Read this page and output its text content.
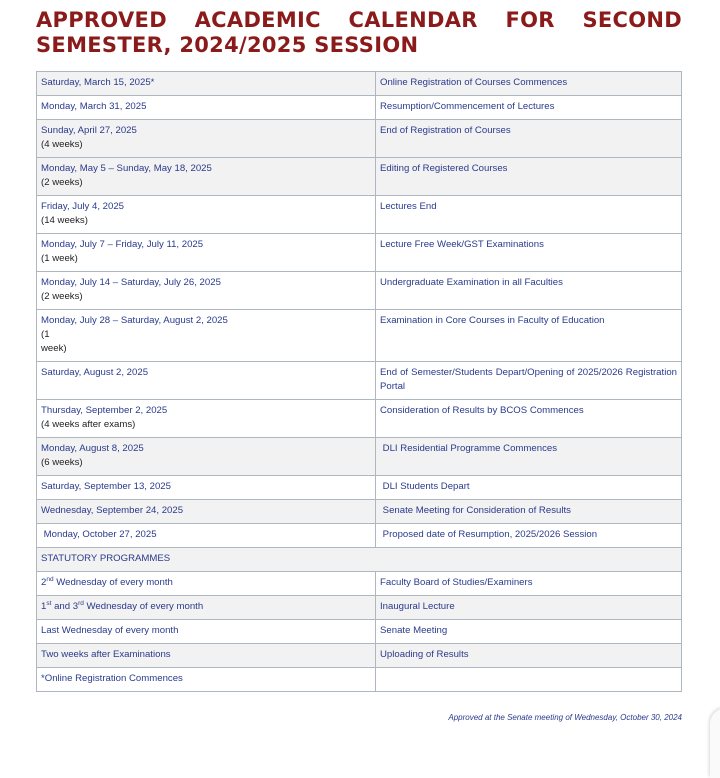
APPROVED ACADEMIC CALENDAR FOR SECOND SEMESTER, 2024/2025 SESSION
Saturday, March 15, 2025*	Online Registration of Courses Commences
Monday, March 31, 2025	Resumption/Commencement of Lectures
Sunday, April 27, 2025
(4 weeks)	End of Registration of Courses
Monday, May 5 – Sunday, May 18, 2025
(2 weeks)	Editing of Registered Courses
Friday, July 4, 2025
(14 weeks)	Lectures End
Monday, July 7 – Friday, July 11, 2025
(1 week)	Lecture Free Week/GST Examinations
Monday, July 14 – Saturday, July 26, 2025
(2 weeks)	Undergraduate Examination in all Faculties
Monday, July 28 – Saturday, August 2, 2025
(1
week)	Examination in Core Courses in Faculty of Education
Saturday, August 2, 2025	End of Semester/Students Depart/Opening of 2025/2026 Registration Portal
Thursday, September 2, 2025
(4 weeks after exams)	Consideration of Results by BCOS Commences
Monday, August 8, 2025
(6 weeks)	DLI Residential Programme Commences
Saturday, September 13, 2025	DLI Students Depart
Wednesday, September 24, 2025	Senate Meeting for Consideration of Results
Monday, October 27, 2025	Proposed date of Resumption, 2025/2026 Session
STATUTORY PROGRAMMES	
2nd Wednesday of every month	Faculty Board of Studies/Examiners
1st and 3rd Wednesday of every month	Inaugural Lecture
Last Wednesday of every month	Senate Meeting
Two weeks after Examinations	Uploading of Results
*Online Registration Commences	
Approved at the Senate meeting of Wednesday, October 30, 2024
